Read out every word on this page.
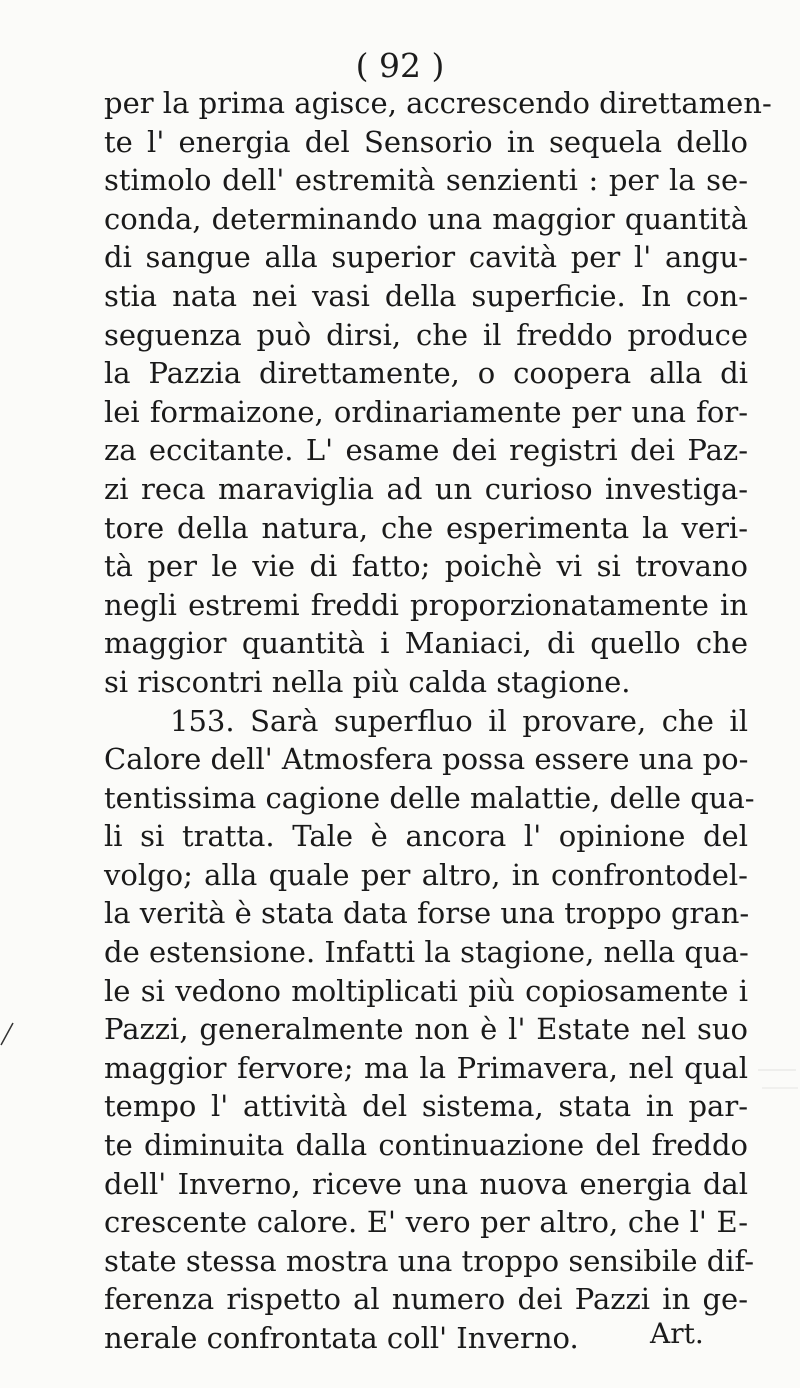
( 92 )
per la prima agisce, accrescendo direttamen-
te l' energia del Sensorio in sequela dello
stimolo dell' estremità senzienti : per la se-
conda, determinando una maggior quantità
di sangue alla superior cavità per l' angu-
stia nata nei vasi della superficie. In con-
seguenza può dirsi, che il freddo produce
la Pazzia direttamente, o coopera alla di
lei formaizone, ordinariamente per una for-
za eccitante. L' esame dei registri dei Paz-
zi reca maraviglia ad un curioso investiga-
tore della natura, che esperimenta la veri-
tà per le vie di fatto; poichè vi si trovano
negli estremi freddi proporzionatamente in
maggior quantità i Maniaci, di quello che
si riscontri nella più calda stagione.
153. Sarà superfluo il provare, che il
Calore dell' Atmosfera possa essere una po-
tentissima cagione delle malattie, delle qua-
li si tratta. Tale è ancora l' opinione del
volgo; alla quale per altro, in confrontodel-
la verità è stata data forse una troppo gran-
de estensione. Infatti la stagione, nella qua-
le si vedono moltiplicati più copiosamente i
Pazzi, generalmente non è l' Estate nel suo
maggior fervore; ma la Primavera, nel qual
tempo l' attività del sistema, stata in par-
te diminuita dalla continuazione del freddo
dell' Inverno, riceve una nuova energia dal
crescente calore. E' vero per altro, che l' E-
state stessa mostra una troppo sensibile dif-
ferenza rispetto al numero dei Pazzi in ge-
nerale confrontata coll' Inverno.	Art.
